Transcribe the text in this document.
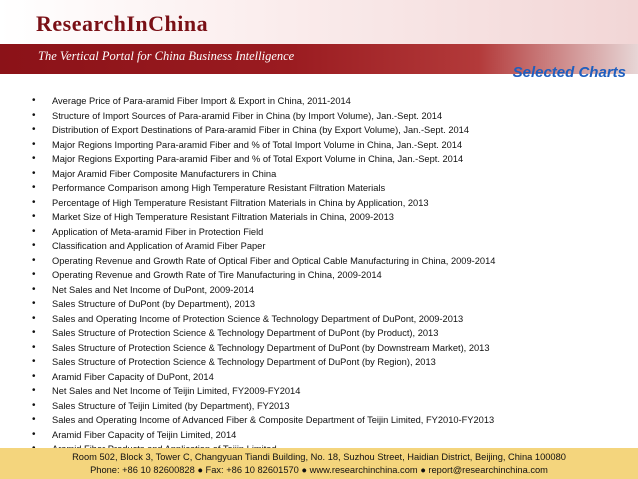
ResearchInChina
The Vertical Portal for China Business Intelligence
Selected Charts
• Average Price of Para-aramid Fiber Import & Export in China, 2011-2014
• Structure of Import Sources of Para-aramid Fiber in China (by Import Volume), Jan.-Sept. 2014
• Distribution of Export Destinations of Para-aramid Fiber in China (by Export Volume), Jan.-Sept. 2014
• Major Regions Importing Para-aramid Fiber and % of Total Import Volume in China, Jan.-Sept. 2014
• Major Regions Exporting Para-aramid Fiber and % of Total Export Volume in China, Jan.-Sept. 2014
• Major Aramid Fiber Composite Manufacturers in China
• Performance Comparison among High Temperature Resistant Filtration Materials
• Percentage of High Temperature Resistant Filtration Materials in China by Application, 2013
• Market Size of High Temperature Resistant Filtration Materials in China, 2009-2013
• Application of Meta-aramid Fiber in Protection Field
• Classification and Application of Aramid Fiber Paper
• Operating Revenue and Growth Rate of Optical Fiber and Optical Cable Manufacturing in China, 2009-2014
• Operating Revenue and Growth Rate of Tire Manufacturing in China, 2009-2014
• Net Sales and Net Income of DuPont, 2009-2014
• Sales Structure of DuPont (by Department), 2013
• Sales and Operating Income of Protection Science & Technology Department of DuPont, 2009-2013
• Sales Structure of Protection Science & Technology Department of DuPont (by Product), 2013
• Sales Structure of Protection Science & Technology Department of DuPont (by Downstream Market), 2013
• Sales Structure of Protection Science & Technology Department of DuPont (by Region), 2013
• Aramid Fiber Capacity of DuPont, 2014
• Net Sales and Net Income of Teijin Limited, FY2009-FY2014
• Sales Structure of Teijin Limited (by Department), FY2013
• Sales and Operating Income of Advanced Fiber & Composite Department of Teijin Limited, FY2010-FY2013
• Aramid Fiber Capacity of Teijin Limited, 2014
Room 502, Block 3, Tower C, Changyuan Tiandi Building, No. 18, Suzhou Street, Haidian District, Beijing, China 100080
Phone: +86 10 82600828 ● Fax: +86 10 82601570 ● www.researchinchina.com ● report@researchinchina.com
